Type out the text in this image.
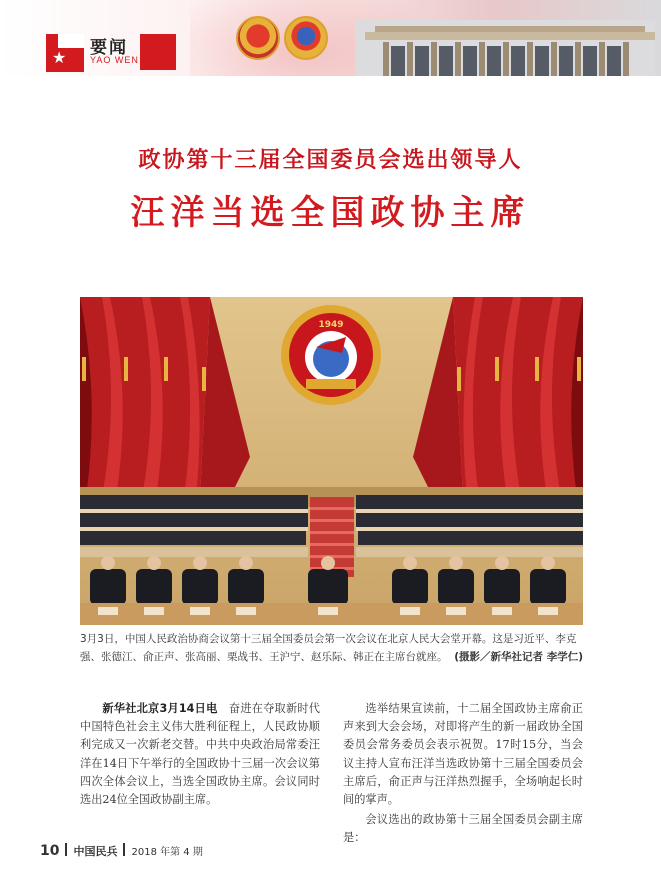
★ 要闻
YAO WEN
政协第十三届全国委员会选出领导人
汪洋当选全国政协主席
1949
3月3日，中国人民政治协商会议第十三届全国委员会第一次会议在北京人民大会堂开幕。这是习近平、李克强、张德江、俞正声、张高丽、栗战书、王沪宁、赵乐际、韩正在主席台就座。 (摄影／新华社记者 李学仁)

新华社北京3月14日电　 奋进在夺取新时代中国特色社会主义伟大胜利征程上，人民政协顺利完成又一次新老交替。中共中央政治局常委汪洋在14日下午举行的全国政协十三届一次会议第四次全体会议上，当选全国政协主席。会议同时选出24位全国政协副主席。

选举结果宣读前，十二届全国政协主席俞正声来到大会会场，对即将产生的新一届政协全国委员会常务委员会表示祝贺。17时15分，当会议主持人宣布汪洋当选政协第十三届全国委员会主席后，俞正声与汪洋热烈握手，全场响起长时间的掌声。

会议选出的政协第十三届全国委员会副主席是：

10 中国民兵 2018 年第 4 期
